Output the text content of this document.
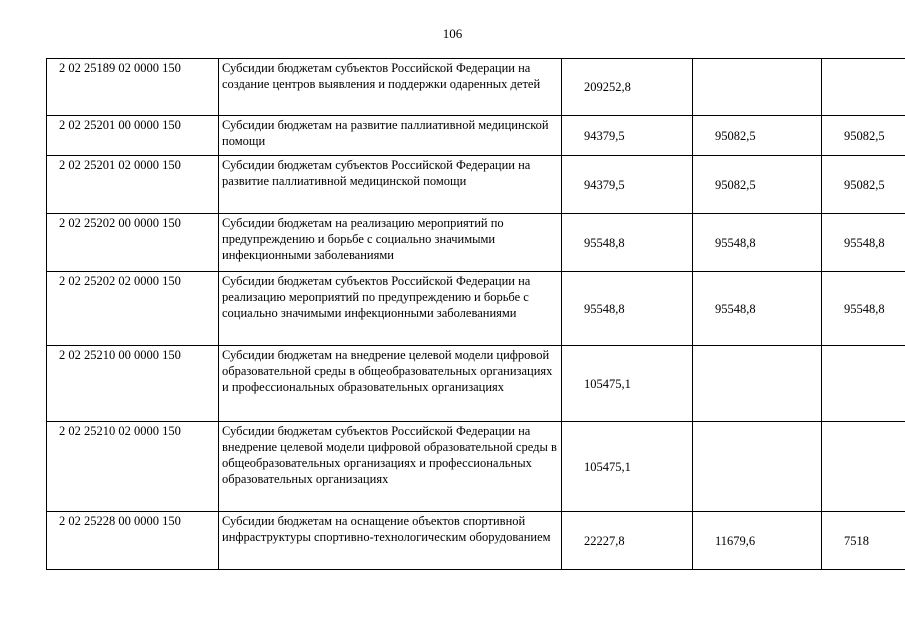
106
2 02 25189 02 0000 150	Субсидии бюджетам субъектов Российской Федерации на создание центров выявления и поддержки одаренных детей	209252,8		
2 02 25201 00 0000 150	Субсидии бюджетам на развитие паллиативной медицинской помощи	94379,5	95082,5	95082,5
2 02 25201 02 0000 150	Субсидии бюджетам субъектов Российской Федерации на развитие паллиативной медицинской помощи	94379,5	95082,5	95082,5
2 02 25202 00 0000 150	Субсидии бюджетам на реализацию мероприятий по предупреждению и борьбе с социально значимыми инфекционными заболеваниями	95548,8	95548,8	95548,8
2 02 25202 02 0000 150	Субсидии бюджетам субъектов Российской Федерации на реализацию мероприятий по предупреждению и борьбе с социально значимыми инфекционными заболеваниями	95548,8	95548,8	95548,8
2 02 25210 00 0000 150	Субсидии бюджетам на внедрение целевой модели цифровой образовательной среды в общеобразовательных организациях и профессиональных образовательных организациях	105475,1		
2 02 25210 02 0000 150	Субсидии бюджетам субъектов Российской Федерации на внедрение целевой модели цифровой образовательной среды в общеобразовательных организациях и профессиональных образовательных организациях	105475,1		
2 02 25228 00 0000 150	Субсидии бюджетам на оснащение объектов спортивной инфраструктуры спортивно-технологическим оборудованием	22227,8	11679,6	7518
